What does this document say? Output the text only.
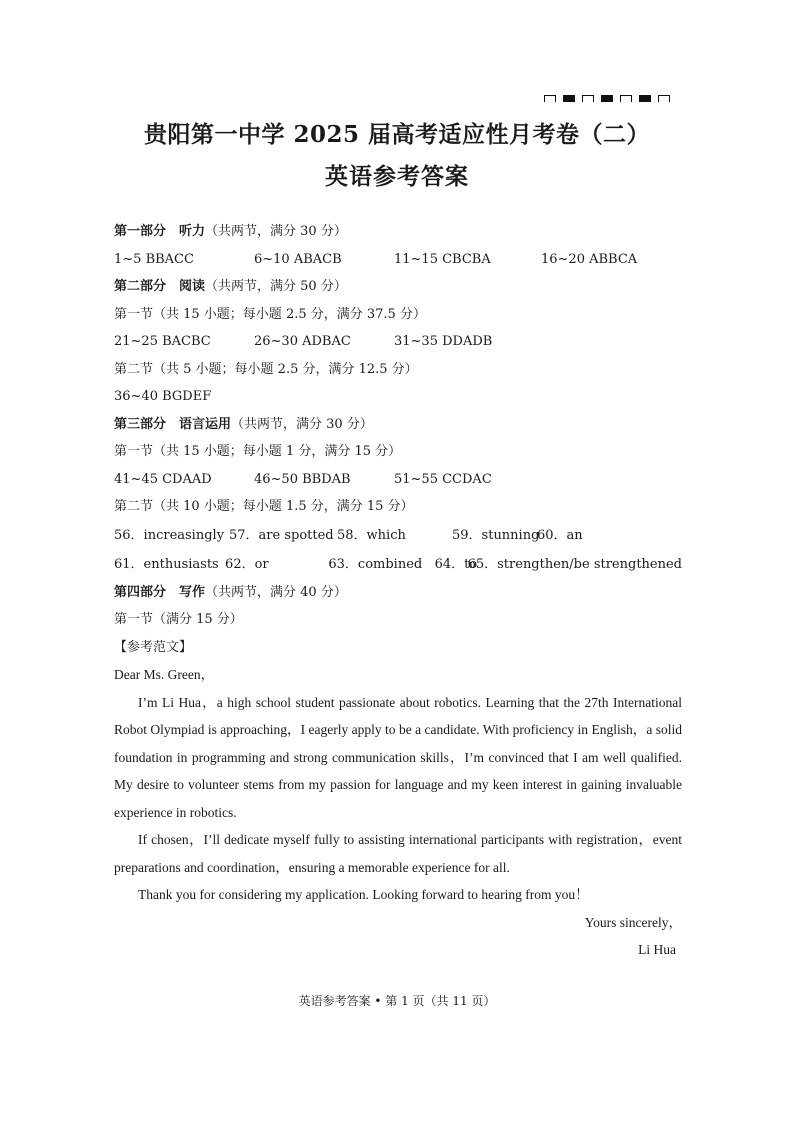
贵阳第一中学 2025 届高考适应性月考卷（二）
英语参考答案
第一部分　听力（共两节，满分 30 分）
1~5 BBACC	6~10 ABACB	11~15 CBCBA	16~20 ABBCA
第二部分　阅读（共两节，满分 50 分）
第一节（共 15 小题；每小题 2.5 分，满分 37.5 分）
21~25 BACBC	26~30 ADBAC	31~35 DDADB
第二节（共 5 小题；每小题 2.5 分，满分 12.5 分）
36~40 BGDEF
第三部分　语言运用（共两节，满分 30 分）
第一节（共 15 小题；每小题 1 分，满分 15 分）
41~45 CDAAD	46~50 BBDAB	51~55 CCDAC
第二节（共 10 小题；每小题 1.5 分，满分 15 分）
56．increasingly 57．are spotted 58．which	59．stunning
60．an
61．enthusiasts 62．or	63．combined 64．to
65．strengthen/be strengthened
第四部分　写作（共两节，满分 40 分）
第一节（满分 15 分）
【参考范文】
Dear Ms. Green，
I’m Li Hua，a high school student passionate about robotics. Learning that the 27th International Robot Olympiad is approaching，I eagerly apply to be a candidate. With proficiency in English，a solid foundation in programming and strong communication skills，I’m convinced that I am well qualified. My desire to volunteer stems from my passion for language and my keen interest in gaining invaluable experience in robotics.
If chosen，I’ll dedicate myself fully to assisting international participants with registration，event preparations and coordination，ensuring a memorable experience for all.
Thank you for considering my application. Looking forward to hearing from you！
Yours sincerely，
Li Hua
英语参考答案 • 第 1 页（共 11 页）
